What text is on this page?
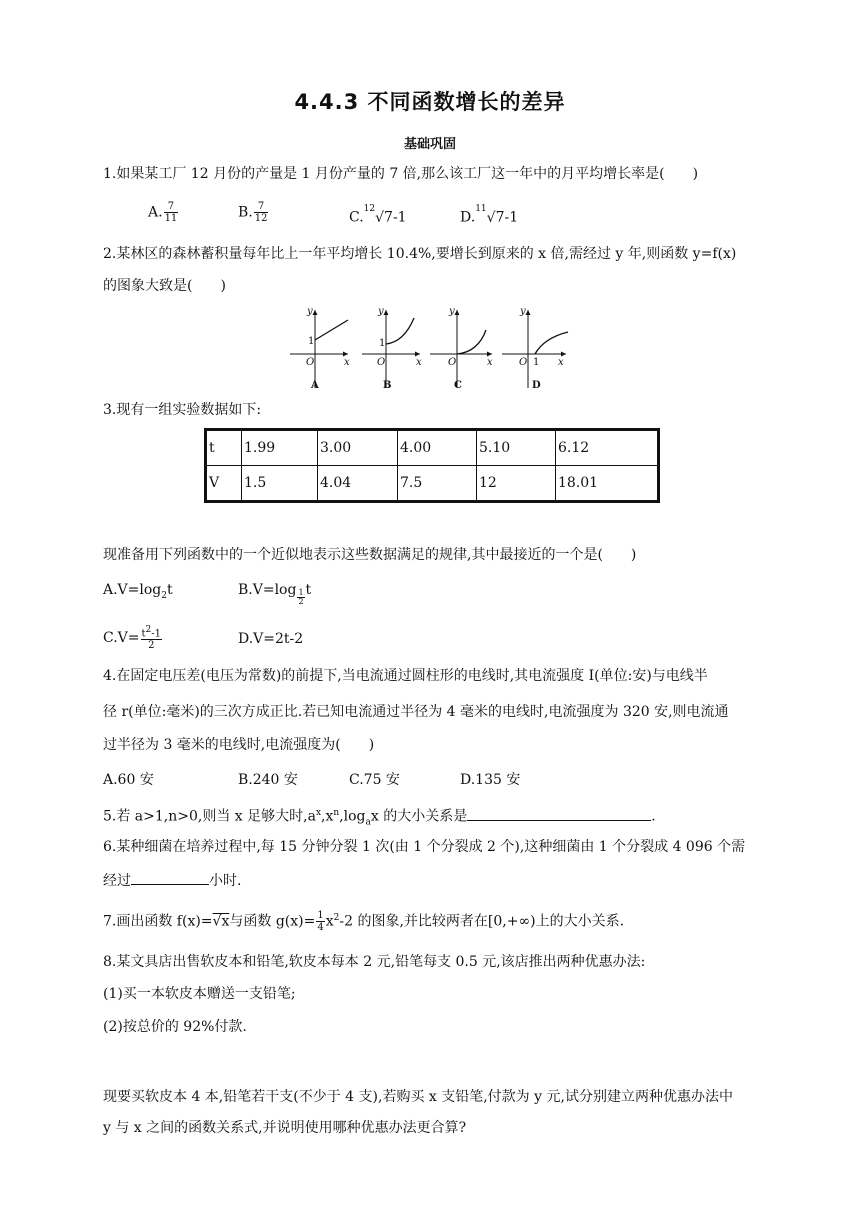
4.4.3 不同函数增长的差异
基础巩固
1.如果某工厂 12 月份的产量是 1 月份产量的 7 倍,那么该工厂这一年中的月平均增长率是(　　)
A. $\frac{7}{11}$	B. $\frac{7}{12}$	C.$^{12}$√7-1	D.$^{11}$√7-1
2.某林区的森林蓄积量每年比上一年平均增长 10.4%,要增长到原来的 x 倍,需经过 y 年,则函数 y=f(x)
的图象大致是(　　)
y
x
O
1
A
y
x
O
1
B
y
x
O
C
y
x
O 1
D
3.现有一组实验数据如下:
t	1.99	3.00	4.00	5.10	6.12
V	1.5	4.04	7.5	12	18.01
现准备用下列函数中的一个近似地表示这些数据满足的规律,其中最接近的一个是(　　)
$A.V=\log_2t$	$B.V=\log \frac{1}{2}$ t
$C.V= \frac{t^2-1}{2}$	D.V=2t-2
4.在固定电压差(电压为常数)的前提下,当电流通过圆柱形的电线时,其电流强度 I(单位:安)与电线半
径 r(单位:毫米)的三次方成正比.若已知电流通过半径为 4 毫米的电线时,电流强度为 320 安,则电流通
过半径为 3 毫米的电线时,电流强度为(　　)
A.60 安	B.240 安	C.75 安	D.135 安
5.若 a>1,n>0,则当 x 足够大时$,a^x,x^n,\log_ax$ 的大小关系是	.
6.某种细菌在培养过程中,每 15 分钟分裂 1 次(由 1 个分裂成 2 个),这种细菌由 1 个分裂成 4 096 个需
经过	小时.
7.画出函数 f(x)=√x与函数 $g(x)= \frac{1}{4} x^2-2$ 的图象,并比较两者在[0,+∞)上的大小关系.
8.某文具店出售软皮本和铅笔,软皮本每本 2 元,铅笔每支 0.5 元,该店推出两种优惠办法:
(1)买一本软皮本赠送一支铅笔;
(2)按总价的 92%付款.
现要买软皮本 4 本,铅笔若干支(不少于 4 支),若购买 x 支铅笔,付款为 y 元,试分别建立两种优惠办法中
y 与 x 之间的函数关系式,并说明使用哪种优惠办法更合算?
